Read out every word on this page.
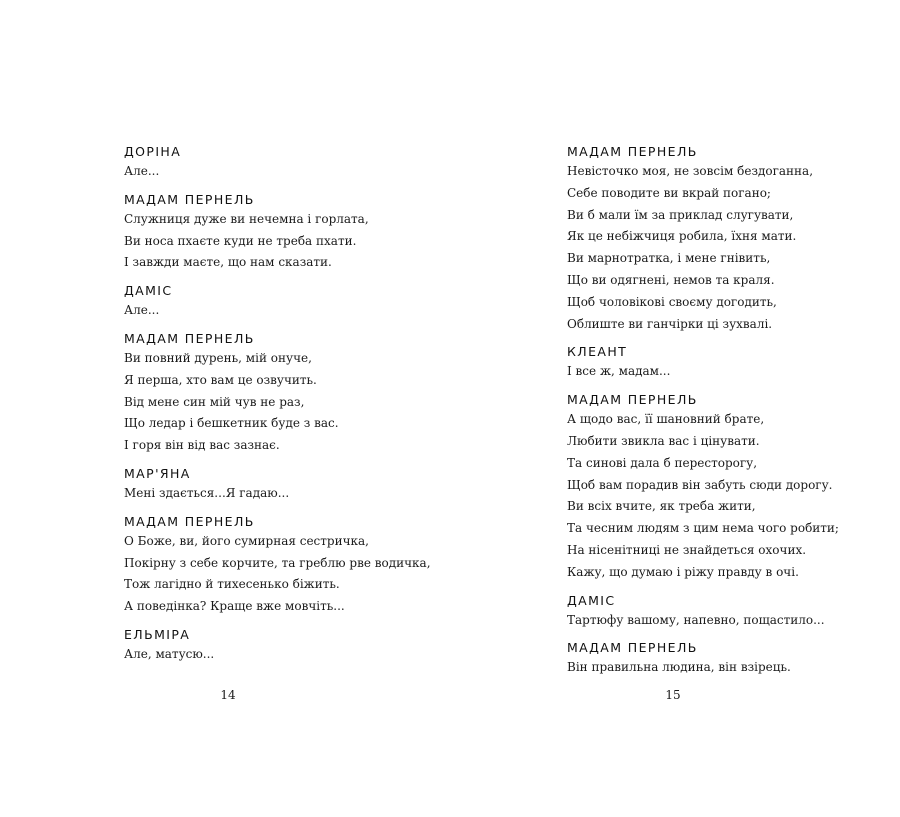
ДОРІНА
Але...
МАДАМ ПЕРНЕЛЬ
Служниця дуже ви нечемна і горлата,
Ви носа пхаєте куди не треба пхати.
І завжди маєте, що нам сказати.
ДАМІС
Але...
МАДАМ ПЕРНЕЛЬ
Ви повний дурень, мій онуче,
Я перша, хто вам це озвучить.
Від мене син мій чув не раз,
Що ледар і бешкетник буде з вас.
І горя він від вас зазнає.
МАР'ЯНА
Мені здається...Я гадаю...
МАДАМ ПЕРНЕЛЬ
О Боже, ви, його сумирная сестричка,
Покірну з себе корчите, та греблю рве водичка,
Тож лагідно й тихесенько біжить.
А поведінка? Краще вже мовчіть...
ЕЛЬМІРА
Але, матусю...
МАДАМ ПЕРНЕЛЬ
Невісточко моя, не зовсім бездоганна,
Себе поводите ви вкрай погано;
Ви б мали їм за приклад слугувати,
Як це небіжчиця робила, їхня мати.
Ви марнотратка, і мене гнівить,
Що ви одягнені, немов та краля.
Щоб чоловікові своєму догодить,
Облиште ви ганчірки ці зухвалі.
КЛЕАНТ
І все ж, мадам...
МАДАМ ПЕРНЕЛЬ
А щодо вас, її шановний брате,
Любити звикла вас і цінувати.
Та синові дала б пересторогу,
Щоб вам порадив він забуть сюди дорогу.
Ви всіх вчите, як треба жити,
Та чесним людям з цим нема чого робити;
На нісенітниці не знайдеться охочих.
Кажу, що думаю і ріжу правду в очі.
ДАМІС
Тартюфу вашому, напевно, пощастило...
МАДАМ ПЕРНЕЛЬ
Він правильна людина, він взірець.
14	15
